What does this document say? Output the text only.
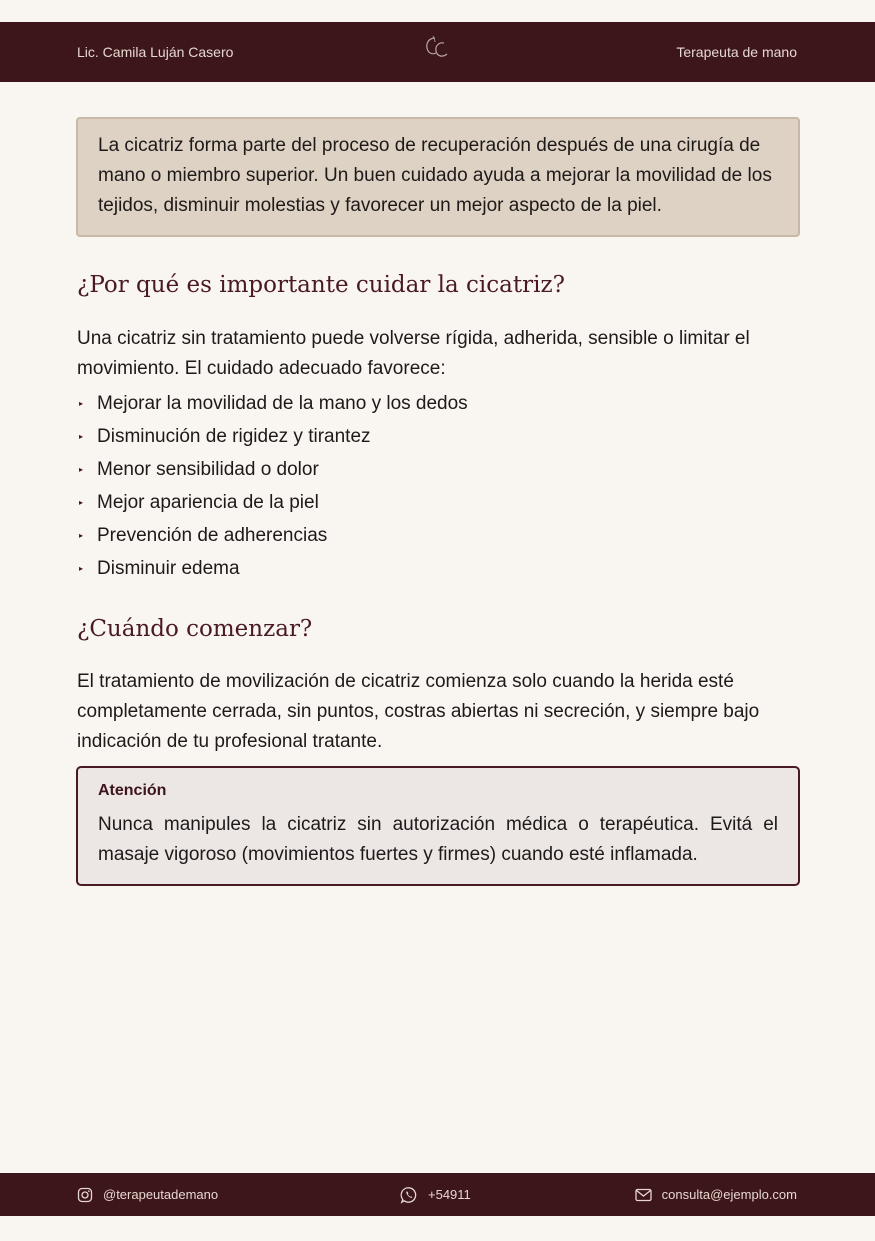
Lic. Camila Luján Casero	Terapeuta de mano
La cicatriz forma parte del proceso de recuperación después de una cirugía de mano o miembro superior. Un buen cuidado ayuda a mejorar la movilidad de los tejidos, disminuir molestias y favorecer un mejor aspecto de la piel.
¿Por qué es importante cuidar la cicatriz?
Una cicatriz sin tratamiento puede volverse rígida, adherida, sensible o limitar el movimiento. El cuidado adecuado favorece:
▸ Mejorar la movilidad de la mano y los dedos
▸ Disminución de rigidez y tirantez
▸ Menor sensibilidad o dolor
▸ Mejor apariencia de la piel
▸ Prevención de adherencias
▸ Disminuir edema
¿Cuándo comenzar?
El tratamiento de movilización de cicatriz comienza solo cuando la herida esté completamente cerrada, sin puntos, costras abiertas ni secreción, y siempre bajo indicación de tu profesional tratante.
Atención
Nunca manipules la cicatriz sin autorización médica o terapéutica. Evitá el masaje vigoroso (movimientos fuertes y firmes) cuando esté inflamada.
@terapeutademano	+54911	consulta@ejemplo.com
